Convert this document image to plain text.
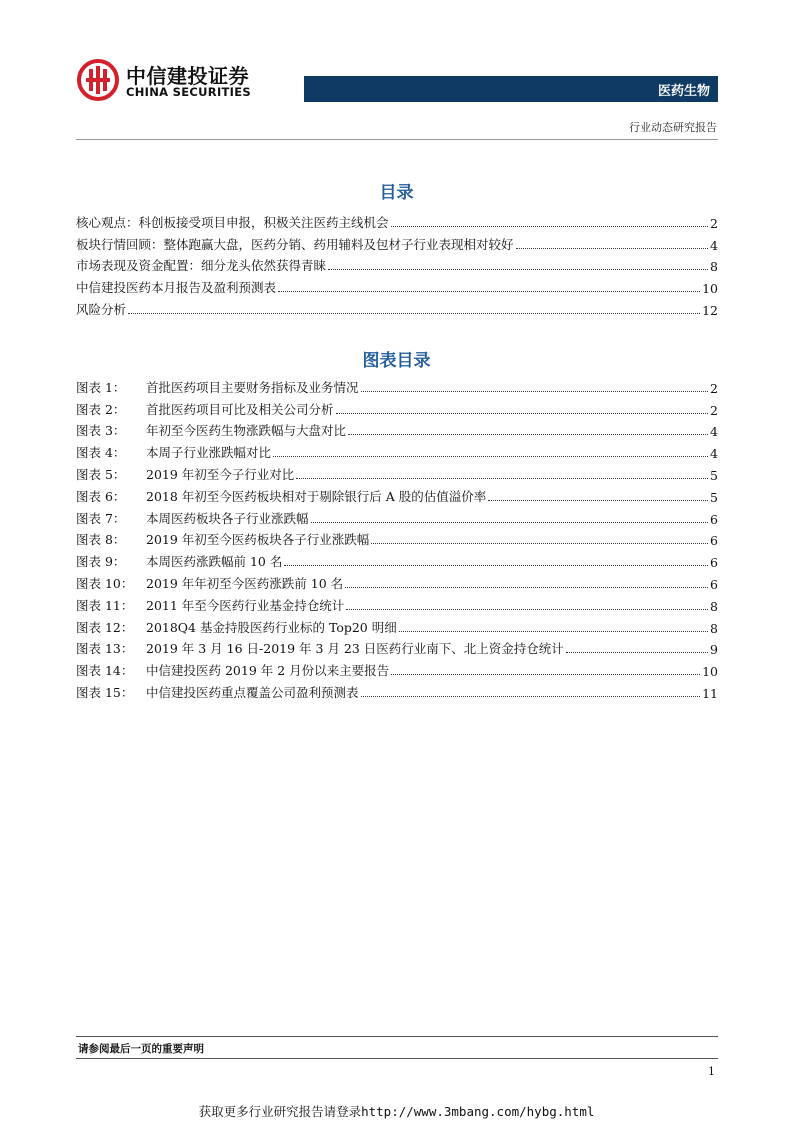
中信建投证券
CHINA SECURITIES	医药生物
行业动态研究报告
目录
核心观点：科创板接受项目申报，积极关注医药主线机会	2
板块行情回顾：整体跑赢大盘，医药分销、药用辅料及包材子行业表现相对较好	4
市场表现及资金配置：细分龙头依然获得青睐	8
中信建投医药本月报告及盈利预测表	10
风险分析	12
图表目录
图表 1： 首批医药项目主要财务指标及业务情况	2
图表 2： 首批医药项目可比及相关公司分析	2
图表 3： 年初至今医药生物涨跌幅与大盘对比	4
图表 4： 本周子行业涨跌幅对比	4
图表 5： 2019 年初至今子行业对比	5
图表 6： 2018 年初至今医药板块相对于剔除银行后 A 股的估值溢价率	5
图表 7： 本周医药板块各子行业涨跌幅	6
图表 8： 2019 年初至今医药板块各子行业涨跌幅	6
图表 9： 本周医药涨跌幅前 10 名	6
图表 10： 2019 年年初至今医药涨跌前 10 名	6
图表 11： 2011 年至今医药行业基金持仓统计	8
图表 12： 2018Q4 基金持股医药行业标的 Top20 明细	8
图表 13： 2019 年 3 月 16 日-2019 年 3 月 23 日医药行业南下、北上资金持仓统计	9
图表 14： 中信建投医药 2019 年 2 月份以来主要报告	10
图表 15： 中信建投医药重点覆盖公司盈利预测表	11
请参阅最后一页的重要声明
1
获取更多行业研究报告请登录http://www.3mbang.com/hybg.html
